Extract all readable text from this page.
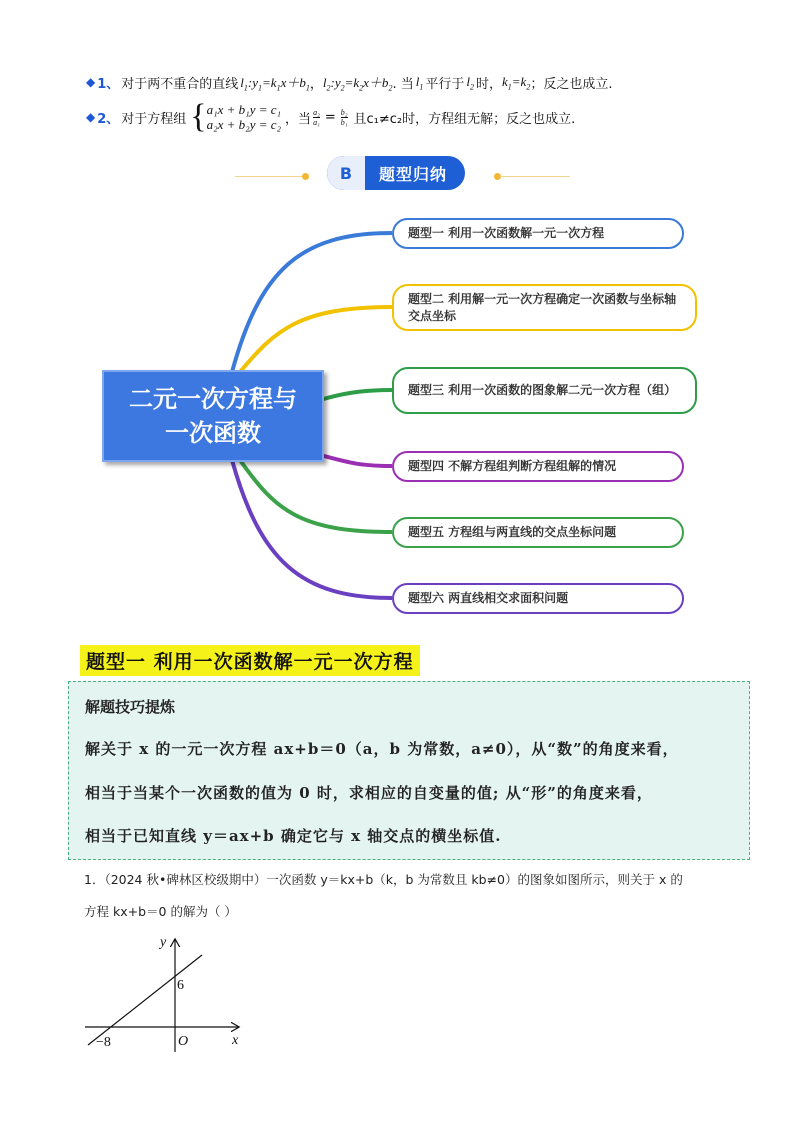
◆ 1、 对于两不重合的直线 $l_1:y_1=k_1x+b_1$ ， $l_2:y_2=k_2x+b_2$ . 当 $l_1$ 平行于 $l_2$ 时， $k_1=k_2$ ；反之也成立.
◆ 2、 对于方程组 { a₁x + b₁y = c₁
a₂x + b₂y = c₂ ，当 $\frac{\text{a₂}}{\text{a₁}} = \frac{\text{b₂}}{\text{b₁}}$ 且c₁≠c₂时，方程组无解；反之也成立.
B	题型归纳
二元一次方程与
一次函数
题型一 利用一次函数解一元一次方程
题型二 利用解一元一次方程确定一次函数与坐标轴交点坐标
题型三 利用一次函数的图象解二元一次方程（组）
题型四 不解方程组判断方程组解的情况
题型五 方程组与两直线的交点坐标问题
题型六 两直线相交求面积问题
题型一 利用一次函数解一元一次方程
解题技巧提炼
解关于 x 的一元一次方程 ax+b＝0（a，b 为常数，a≠0），从“数”的角度来看，
相当于当某个一次函数的值为 0 时，求相应的自变量的值; 从“形”的角度来看，
相当于已知直线 y＝ax+b 确定它与 x 轴交点的横坐标值.
1．（2024 秋•碑林区校级期中）一次函数 y＝kx+b（k，b 为常数且 kb≠0）的图象如图所示，则关于 x 的
方程 kx+b＝0 的解为（ ）
y
x
O
6
−8
